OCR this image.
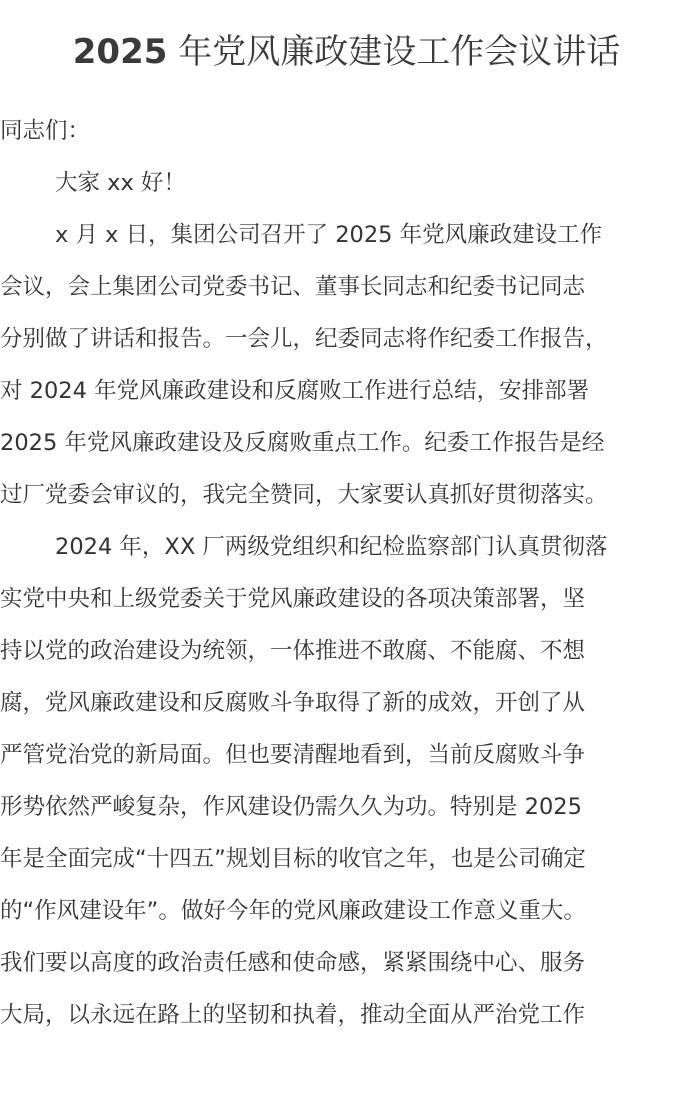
2025 年党风廉政建设工作会议讲话
同志们：
大家 xx 好！
x 月 x 日，集团公司召开了 2025 年党风廉政建设工作
会议，会上集团公司党委书记、董事长同志和纪委书记同志
分别做了讲话和报告。一会儿，纪委同志将作纪委工作报告，
对 2024 年党风廉政建设和反腐败工作进行总结，安排部署
2025 年党风廉政建设及反腐败重点工作。纪委工作报告是经
过厂党委会审议的，我完全赞同，大家要认真抓好贯彻落实。
2024 年，XX 厂两级党组织和纪检监察部门认真贯彻落
实党中央和上级党委关于党风廉政建设的各项决策部署，坚
持以党的政治建设为统领，一体推进不敢腐、不能腐、不想
腐，党风廉政建设和反腐败斗争取得了新的成效，开创了从
严管党治党的新局面。但也要清醒地看到，当前反腐败斗争
形势依然严峻复杂，作风建设仍需久久为功。特别是 2025
年是全面完成“十四五”规划目标的收官之年，也是公司确定
的“作风建设年”。做好今年的党风廉政建设工作意义重大。
我们要以高度的政治责任感和使命感，紧紧围绕中心、服务
大局，以永远在路上的坚韧和执着，推动全面从严治党工作
